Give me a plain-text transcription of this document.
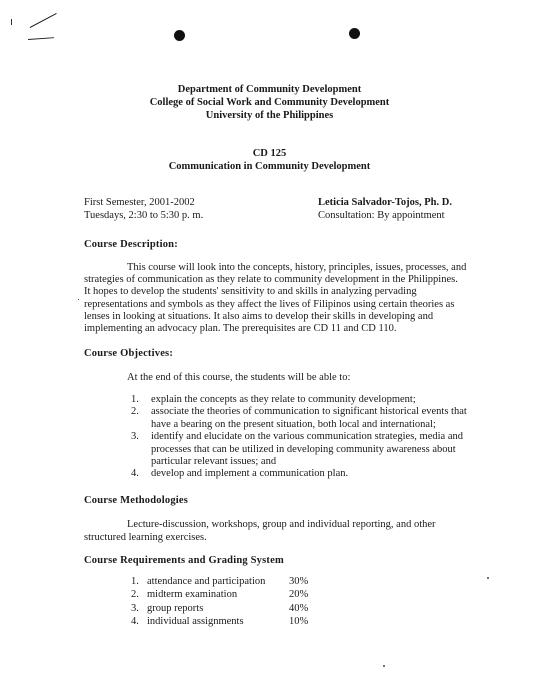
Department of Community Development
College of Social Work and Community Development
University of the Philippines
CD 125
Communication in Community Development
First Semester, 2001-2002
Tuesdays, 2:30 to 5:30 p. m.
Leticia Salvador-Tojos, Ph. D.
Consultation: By appointment
Course Description:
This course will look into the concepts, history, principles, issues, processes, and
strategies of communication as they relate to community development in the Philippines.
It hopes to develop the students' sensitivity to and skills in analyzing pervading
representations and symbols as they affect the lives of Filipinos using certain theories as
lenses in looking at situations. It also aims to develop their skills in developing and
implementing an advocacy plan. The prerequisites are CD 11 and CD 110.
Course Objectives:
At the end of this course, the students will be able to:
1. explain the concepts as they relate to community development;
2. associate the theories of communication to significant historical events that
have a bearing on the present situation, both local and international;
3. identify and elucidate on the various communication strategies, media and
processes that can be utilized in developing community awareness about
particular relevant issues; and
4. develop and implement a communication plan.
Course Methodologies
Lecture-discussion, workshops, group and individual reporting, and other
structured learning exercises.
Course Requirements and Grading System
1. attendance and participation 30%
2. midterm examination	20%
3. group reports	40%
4. individual assignments	10%
